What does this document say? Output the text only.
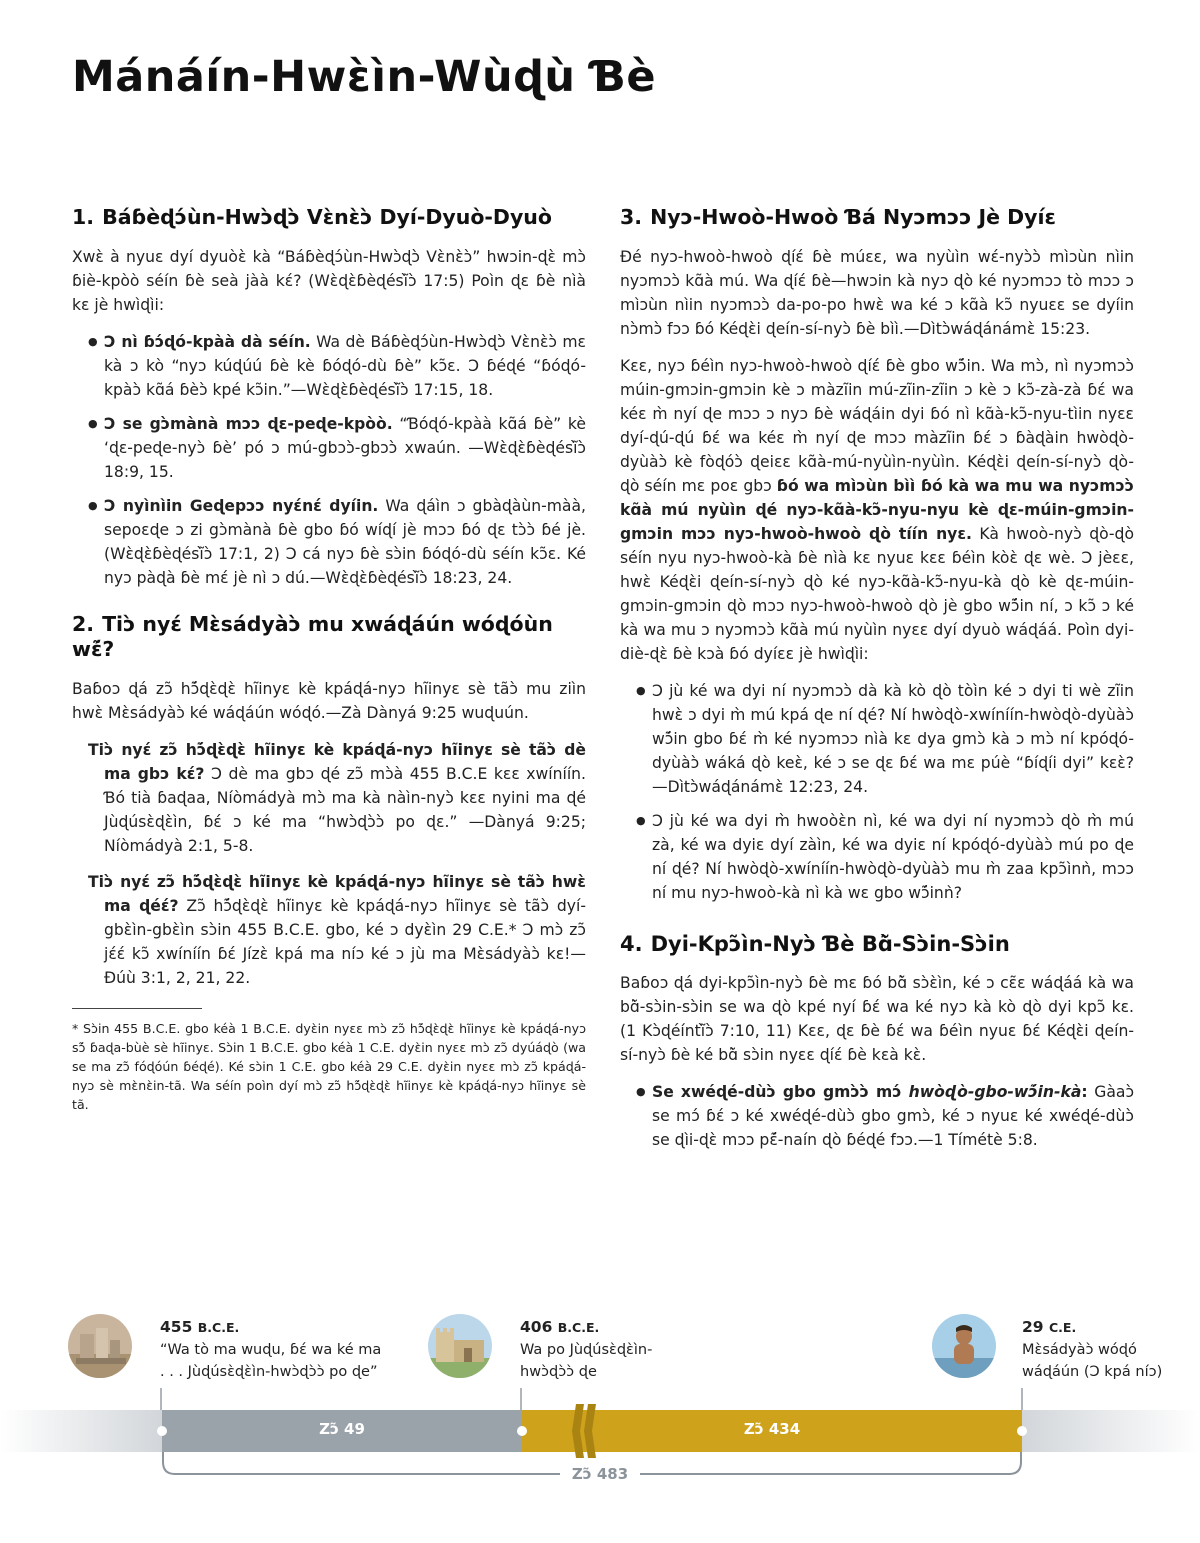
Mánáín-Hwɛ̀ìn-Wùɖù Ɓè
1. Báɓèɖɔ́ùn-Hwɔ̀ɖɔ̀ Vɛ̀nɛ̀ɔ̀ Dyí-Dyuò-Dyuò

Xwɛ̀ à nyuɛ dyí dyuòɛ̀ kà “Báɓèɖɔ́ùn-Hwɔ̀ɖɔ̀ Vɛ̀nɛ̀ɔ̀” hwɔin-ɖɛ̀ mɔ̀ ɓiè-kpòò séín ɓè seà jàà kɛ́? (Wɛ̀ɖɛ̀ɓèɖésĩ̀ɔ̀ 17:5) Poìn ɖɛ ɓè nìà kɛ jè hwìɖìi:

● Ɔ nì ɓɔ́ɖó-kpàà dà séín. Wa dè Báɓèɖɔ́ùn-Hwɔ̀ɖɔ̀ Vɛ̀nɛ̀ɔ̀ mɛ kà ɔ kò “nyɔ kúɖúú ɓè kè ɓóɖó-dù ɓè” kɔ̃ɛ. Ɔ ɓéɖé “ɓóɖó-kpàɔ̀ kɑ̃á ɓèɔ̀ kpé kɔ̃in.”—Wɛ̀ɖɛ̀ɓèɖésĩ̀ɔ̀ 17:15, 18.
● Ɔ se gɔ̀mànà mɔɔ ɖɛ-peɖe-kpòò. “Ɓóɖó-kpàà kɑ̃á ɓè” kè ‘ɖɛ-peɖe-nyɔ̀ ɓè’ pó ɔ mú-gbɔɔ̀-gbɔɔ̀ xwaún. —Wɛ̀ɖɛ̀ɓèɖésĩ̀ɔ̀ 18:9, 15.
● Ɔ nyìnìin Geɖepɔɔ nyɛ́nɛ́ dyíin. Wa ɖáìn ɔ gbàɖàùn-màà, sepoɛɖe ɔ zi gɔ̀mànà ɓè gbo ɓó wíɖí jè mɔɔ ɓó ɖɛ tɔ̀ɔ̀ ɓé jè. (Wɛ̀ɖɛ̀ɓèɖésĩ̀ɔ̀ 17:1, 2) Ɔ cá nyɔ ɓè sɔ̀in ɓóɖó-dù séín kɔ̃ɛ. Ké nyɔ pàɖà ɓè mɛ́ jè nì ɔ dú.—Wɛ̀ɖɛ̀ɓèɖésĩ̀ɔ̀ 18:23, 24.
2. Tiɔ̀ nyɛ́ Mɛ̀sádyàɔ̀ mu xwáɖáún wóɖóùn wɛ̃́?

Baɓoɔ ɖá zɔ̃ hɔ̃́ɖɛ̀ɖɛ̀ hĩinyɛ kè kpáɖá-nyɔ hĩinyɛ sè tãɔ̀ mu ziìn hwɛ̀ Mɛ̀sádyàɔ̀ ké wáɖáún wóɖó.—Zà Dànyá 9:25 wuɖuún.

Tiɔ̀ nyɛ́ zɔ̃ hɔ̃́ɖɛ̀ɖɛ̀ hĩinyɛ kè kpáɖá-nyɔ hĩinyɛ sè tãɔ̀ dè ma gbɔ kɛ́? Ɔ dè ma gbɔ ɖé zɔ̃ mɔ̀à 455 B.C.E kɛɛ xwíníín. Ɓó tià ɓaɖaa, Níòmádyà mɔ̀ ma kà nàìn-nyɔ̀ kɛɛ nyini ma ɖé Jùɖúsɛ̀ɖɛ̀ìn, ɓɛ́ ɔ ké ma “hwɔ̀ɖɔ̀ɔ̀ po ɖɛ.” —Dànyá 9:25; Níòmádyà 2:1, 5-8.
Tiɔ̀ nyɛ́ zɔ̃ hɔ̃́ɖɛ̀ɖɛ̀ hĩinyɛ kè kpáɖá-nyɔ hĩinyɛ sè tãɔ̀ hwɛ̀ ma ɖéɛ́? Zɔ̃ hɔ̃́ɖɛ̀ɖɛ̀ hĩinyɛ kè kpáɖá-nyɔ hĩinyɛ sè tãɔ̀ dyí-gbɛ̀ìn-gbɛ̀ìn sɔ̀in 455 B.C.E. gbo, ké ɔ dyɛ̀ìn 29 C.E.* Ɔ mɔ̀ zɔ̃ jɛ́ɛ́ kɔ̃ xwíníín ɓɛ́ Jízɛ̀ kpá ma níɔ ké ɔ jù ma Mɛ̀sádyàɔ̀ kɛ!—Ɖúù 3:1, 2, 21, 22.

* Sɔ̀in 455 B.C.E. gbo kéà 1 B.C.E. dyɛ̀in nyɛɛ mɔ̀ zɔ̃ hɔ̃́ɖɛ̀ɖɛ̀ hĩinyɛ kè kpáɖá-nyɔ sɔ̃́ ɓaɖa-bùè sè hĩinyɛ. Sɔ̀in 1 B.C.E. gbo kéà 1 C.E. dyɛ̀in nyɛɛ mɔ̀ zɔ̃ dyúáɖò (wa se ma zɔ̃ fóɖóún ɓéɖé). Ké sɔ̀in 1 C.E. gbo kéà 29 C.E. dyɛ̀in nyɛɛ mɔ̀ zɔ̃ kpáɖá-nyɔ sè mɛ̀nɛ̀in-tã. Wa séín poìn dyí mɔ̀ zɔ̃ hɔ̃́ɖɛ̀ɖɛ̀ hĩinyɛ kè kpáɖá-nyɔ hĩinyɛ sè tã.

3. Nyɔ-Hwoò-Hwoò Ɓá Nyɔmɔɔ Jè Dyíɛ

Ɖé nyɔ-hwoò-hwoò ɖíɛ́ ɓè múɛɛ, wa nyùìn wɛ́-nyɔ̀ɔ̀ mìɔùn nìin nyɔmɔɔ̀ kɑ̃à mú. Wa ɖíɛ́ ɓè—hwɔin kà nyɔ ɖò ké nyɔmɔɔ tò mɔɔ ɔ mìɔùn nìin nyɔmɔɔ̀ da-po-po hwɛ̀ wa ké ɔ kɑ̃à kɔ̃ nyuɛɛ se dyíin nɔ̀mɔ̀ fɔɔ ɓó Kéɖɛ̀i ɖeín-sí-nyɔ̀ ɓè bìì.—Dìtɔ̀wáɖánámɛ̀ 15:23.

Kɛɛ, nyɔ ɓéìn nyɔ-hwoò-hwoò ɖíɛ́ ɓè gbo wɔ̃́in. Wa mɔ̀, nì nyɔmɔɔ̀ múin-gmɔin-gmɔin kè ɔ màzĩin mú-zĩin-zĩin ɔ kè ɔ kɔ̃-zà-zà ɓɛ́ wa kéɛ m̀ nyí ɖe mɔɔ ɔ nyɔ ɓè wáɖáin dyi ɓó nì kɑ̃à-kɔ̃-nyu-tìin nyɛɛ dyí-ɖú-ɖú ɓɛ́ wa kéɛ m̀ nyí ɖe mɔɔ màzĩin ɓɛ́ ɔ ɓàɖàin hwòɖò-dyùàɔ̀ kè fòɖóɔ̀ ɖeiɛɛ kɑ̃à-mú-nyùìn-nyùìn. Kéɖɛ̀i ɖeín-sí-nyɔ̀ ɖò-ɖò séín mɛ poɛ gbɔ ɓó wa mìɔùn bìì ɓó kà wa mu wa nyɔmɔɔ̀ kɑ̃à mú nyùìn ɖé nyɔ-kɑ̃à-kɔ̃-nyu-nyu kè ɖɛ-múin-gmɔin-gmɔin mɔɔ nyɔ-hwoò-hwoò ɖò tíín nyɛ. Kà hwoò-nyɔ̀ ɖò-ɖò séín nyu nyɔ-hwoò-kà ɓè nìà kɛ nyuɛ kɛɛ ɓéìn kòɛ̀ ɖɛ wè. Ɔ jèɛɛ, hwɛ̀ Kéɖɛ̀i ɖeín-sí-nyɔ̀ ɖò ké nyɔ-kɑ̃à-kɔ̃-nyu-kà ɖò kè ɖɛ-múin-gmɔin-gmɔin ɖò mɔɔ nyɔ-hwoò-hwoò ɖò jè gbo wɔ̃́in ní, ɔ kɔ̃ ɔ ké kà wa mu ɔ nyɔmɔɔ̀ kɑ̃à mú nyùìn nyɛɛ dyí dyuò wáɖáá. Poìn dyi-diè-ɖɛ̀ ɓè kɔà ɓó dyíɛɛ jè hwìɖìi:

● Ɔ jù ké wa dyi ní nyɔmɔɔ̀ dà kà kò ɖò tòìn ké ɔ dyi ti wè zĩin hwɛ̀ ɔ dyi m̀ mú kpá ɖe ní ɖé? Ní hwòɖò-xwíníín-hwòɖò-dyùàɔ̀ wɔ̃́in gbo ɓɛ́ m̀ ké nyɔmɔɔ nìà kɛ dya gmɔ̀ kà ɔ mɔ̀ ní kpóɖó-dyùàɔ̀ wáká ɖò keɛ̀, ké ɔ se ɖɛ ɓɛ́ wa mɛ púè “ɓíɖíi dyi” kɛɛ̀?—Dìtɔ̀wáɖánámɛ̀ 12:23, 24.
● Ɔ jù ké wa dyi m̀ hwoòɛ̀n nì, ké wa dyi ní nyɔmɔɔ̀ ɖò m̀ mú zà, ké wa dyiɛ dyí zàìn, ké wa dyiɛ ní kpóɖó-dyùàɔ̀ mú po ɖe ní ɖé? Ní hwòɖò-xwíníín-hwòɖò-dyùàɔ̀ mu m̀ zaa kpɔ̃ìnǹ, mɔɔ ní mu nyɔ-hwoò-kà nì kà wɛ gbo wɔ̃́inǹ?
4. Dyi-Kpɔ̃ìn-Nyɔ̀ Ɓè Bɑ̃̀-Sɔ̀in-Sɔ̀in

Baɓoɔ ɖá dyi-kpɔ̃ìn-nyɔ̀ ɓè mɛ ɓó bɑ̃̀ sɔ̀ɛ̀ìn, ké ɔ cɛ̃ɛ wáɖáá kà wa bɑ̃̀-sɔ̀in-sɔ̀in se wa ɖò kpé nyí ɓɛ́ wa ké nyɔ kà kò ɖò dyi kpɔ̃ kɛ. (1 Kɔ̀ɖéíntĩ̀ɔ̀ 7:10, 11) Kɛɛ, ɖɛ ɓè ɓɛ́ wa ɓéìn nyuɛ ɓɛ́ Kéɖɛ̀i ɖeín-sí-nyɔ̀ ɓè ké bɑ̃̀ sɔ̀in nyɛɛ ɖíɛ́ ɓè kɛà kɛ̀.

● Se xwéɖé-dùɔ̀ gbo gmɔ̀ɔ̀ mɔ́ hwòɖò-gbo-wɔ̃́in-kà: Gàaɔ̀ se mɔ́ ɓɛ́ ɔ ké xwéɖé-dùɔ̀ gbo gmɔ̀, ké ɔ nyuɛ ké xwéɖé-dùɔ̀ se ɖìi-ɖɛ̀ mɔɔ pɛ̃́-naín ɖò ɓéɖé fɔɔ.—1 Tímétè 5:8.
455 B.C.E.
“Wa tò ma wuɖu, ɓɛ́ wa ké ma
. . . Jùɖúsɛ̀ɖɛ̀ìn-hwɔ̀ɖɔ̀ɔ̀ po ɖe”
406 B.C.E.
Wa po Jùɖúsɛ̀ɖɛ̀ìn-
hwɔ̀ɖɔ̀ɔ̀ ɖe
29 C.E.
Mɛ̀sádyàɔ̀ wóɖó
wáɖáún (Ɔ kpá níɔ)
Zɔ̃ 49	Zɔ̃ 434
Zɔ̃ 483
